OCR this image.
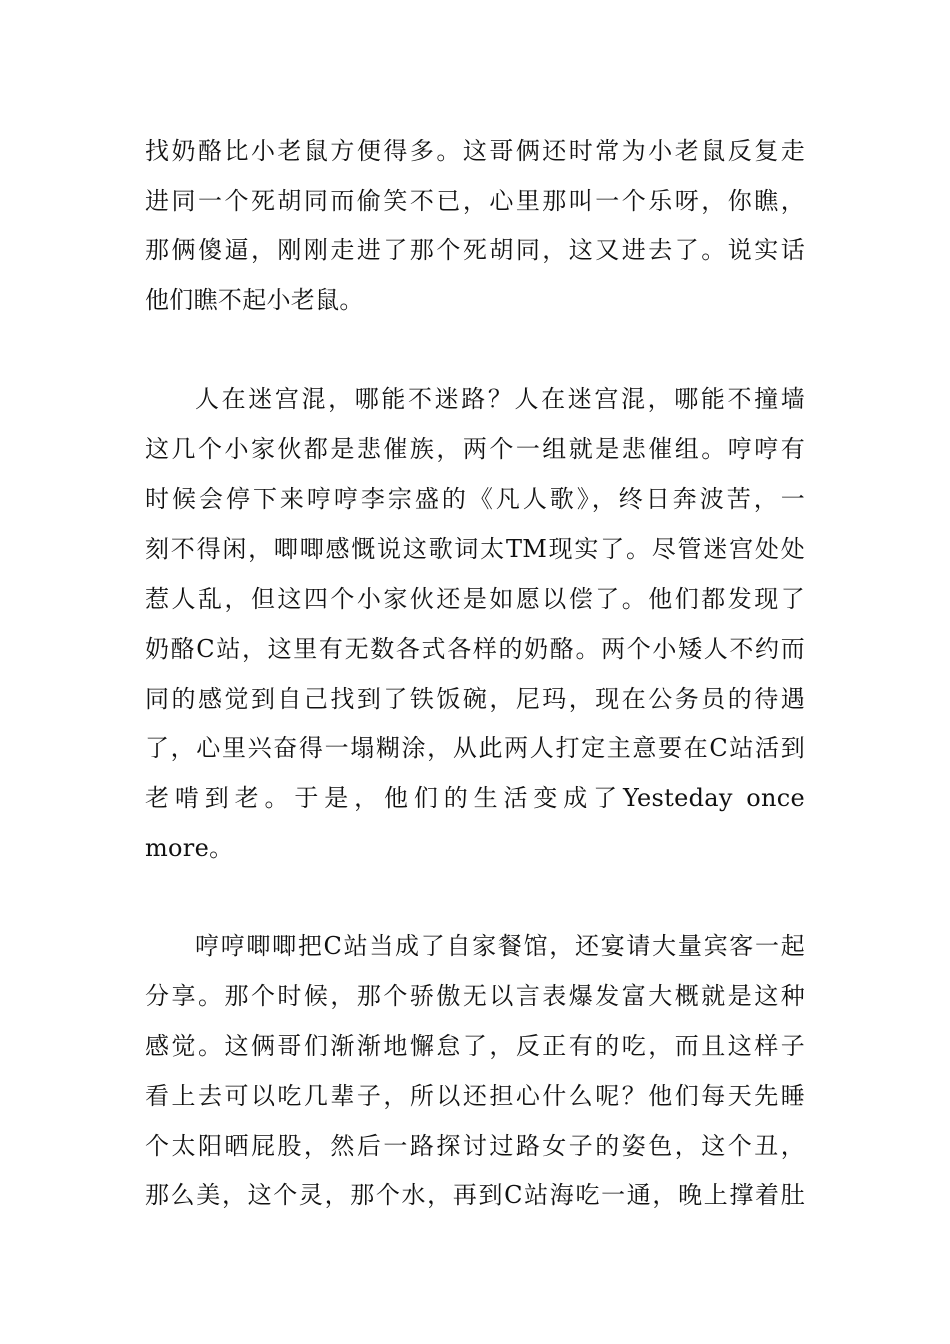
找奶酪比小老鼠方便得多。这哥俩还时常为小老鼠反复走
进同一个死胡同而偷笑不已，心里那叫一个乐呀，你瞧，
那俩傻逼，刚刚走进了那个死胡同，这又进去了。说实话
他们瞧不起小老鼠。
人在迷宫混，哪能不迷路？人在迷宫混，哪能不撞墙
这几个小家伙都是悲催族，两个一组就是悲催组。哼哼有
时候会停下来哼哼李宗盛的《凡人歌》，终日奔波苦，一
刻不得闲，唧唧感慨说这歌词太TM现实了。尽管迷宫处处
惹人乱，但这四个小家伙还是如愿以偿了。他们都发现了
奶酪C站，这里有无数各式各样的奶酪。两个小矮人不约而
同的感觉到自己找到了铁饭碗，尼玛，现在公务员的待遇
了，心里兴奋得一塌糊涂，从此两人打定主意要在C站活到
老啃到老。于是，他们的生活变成了Yesteday once
more。
哼哼唧唧把C站当成了自家餐馆，还宴请大量宾客一起
分享。那个时候，那个骄傲无以言表爆发富大概就是这种
感觉。这俩哥们渐渐地懈怠了，反正有的吃，而且这样子
看上去可以吃几辈子，所以还担心什么呢？他们每天先睡
个太阳晒屁股，然后一路探讨过路女子的姿色，这个丑，
那么美，这个灵，那个水，再到C站海吃一通，晚上撑着肚
